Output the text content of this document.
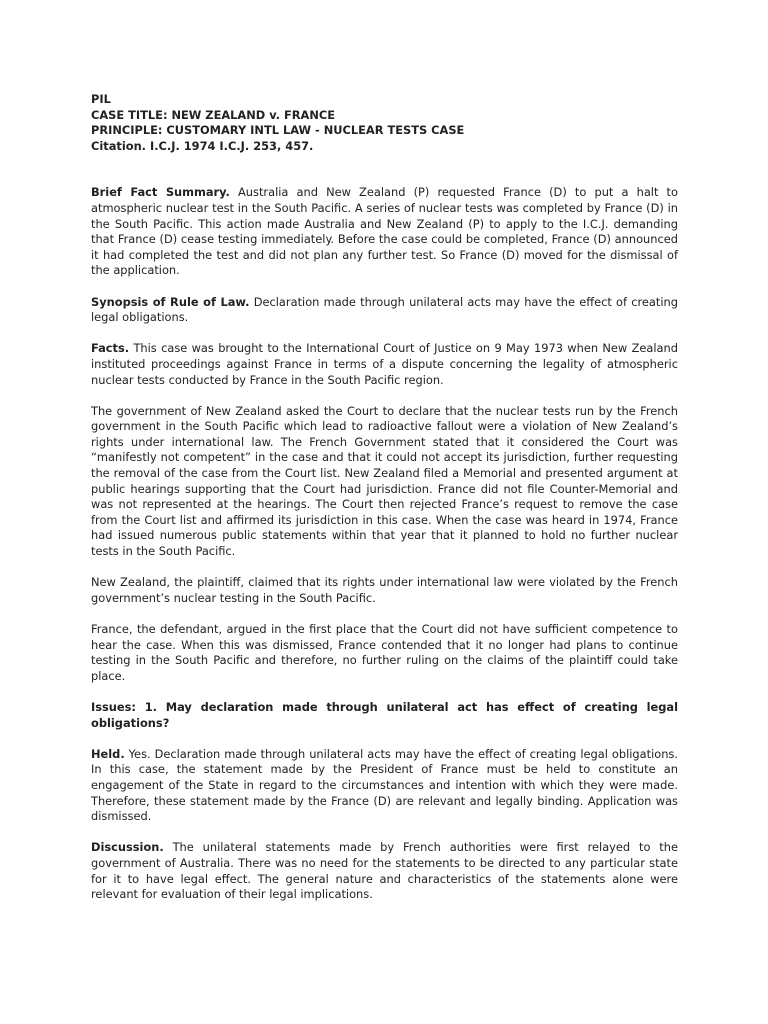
PIL
CASE TITLE: NEW ZEALAND v. FRANCE
PRINCIPLE: CUSTOMARY INTL LAW - NUCLEAR TESTS CASE
Citation. I.C.J. 1974 I.C.J. 253, 457.

Brief Fact Summary. Australia and New Zealand (P) requested France (D) to put a halt to atmospheric nuclear test in the South Pacific. A series of nuclear tests was completed by France (D) in the South Pacific. This action made Australia and New Zealand (P) to apply to the I.C.J. demanding that France (D) cease testing immediately. Before the case could be completed, France (D) announced it had completed the test and did not plan any further test. So France (D) moved for the dismissal of the application.

Synopsis of Rule of Law. Declaration made through unilateral acts may have the effect of creating legal obligations.

Facts. This case was brought to the International Court of Justice on 9 May 1973 when New Zealand instituted proceedings against France in terms of a dispute concerning the legality of atmospheric nuclear tests conducted by France in the South Pacific region.

The government of New Zealand asked the Court to declare that the nuclear tests run by the French government in the South Pacific which lead to radioactive fallout were a violation of New Zealand’s rights under international law. The French Government stated that it considered the Court was “manifestly not competent” in the case and that it could not accept its jurisdiction, further requesting the removal of the case from the Court list. New Zealand filed a Memorial and presented argument at public hearings supporting that the Court had jurisdiction. France did not file Counter-Memorial and was not represented at the hearings. The Court then rejected France’s request to remove the case from the Court list and affirmed its jurisdiction in this case. When the case was heard in 1974, France had issued numerous public statements within that year that it planned to hold no further nuclear tests in the South Pacific.

New Zealand, the plaintiff, claimed that its rights under international law were violated by the French government’s nuclear testing in the South Pacific.

France, the defendant, argued in the first place that the Court did not have sufficient competence to hear the case. When this was dismissed, France contended that it no longer had plans to continue testing in the South Pacific and therefore, no further ruling on the claims of the plaintiff could take place.

Issues: 1. May declaration made through unilateral act has effect of creating legal obligations?

Held. Yes. Declaration made through unilateral acts may have the effect of creating legal obligations. In this case, the statement made by the President of France must be held to constitute an engagement of the State in regard to the circumstances and intention with which they were made. Therefore, these statement made by the France (D) are relevant and legally binding. Application was dismissed.

Discussion. The unilateral statements made by French authorities were first relayed to the government of Australia. There was no need for the statements to be directed to any particular state for it to have legal effect. The general nature and characteristics of the statements alone were relevant for evaluation of their legal implications.
